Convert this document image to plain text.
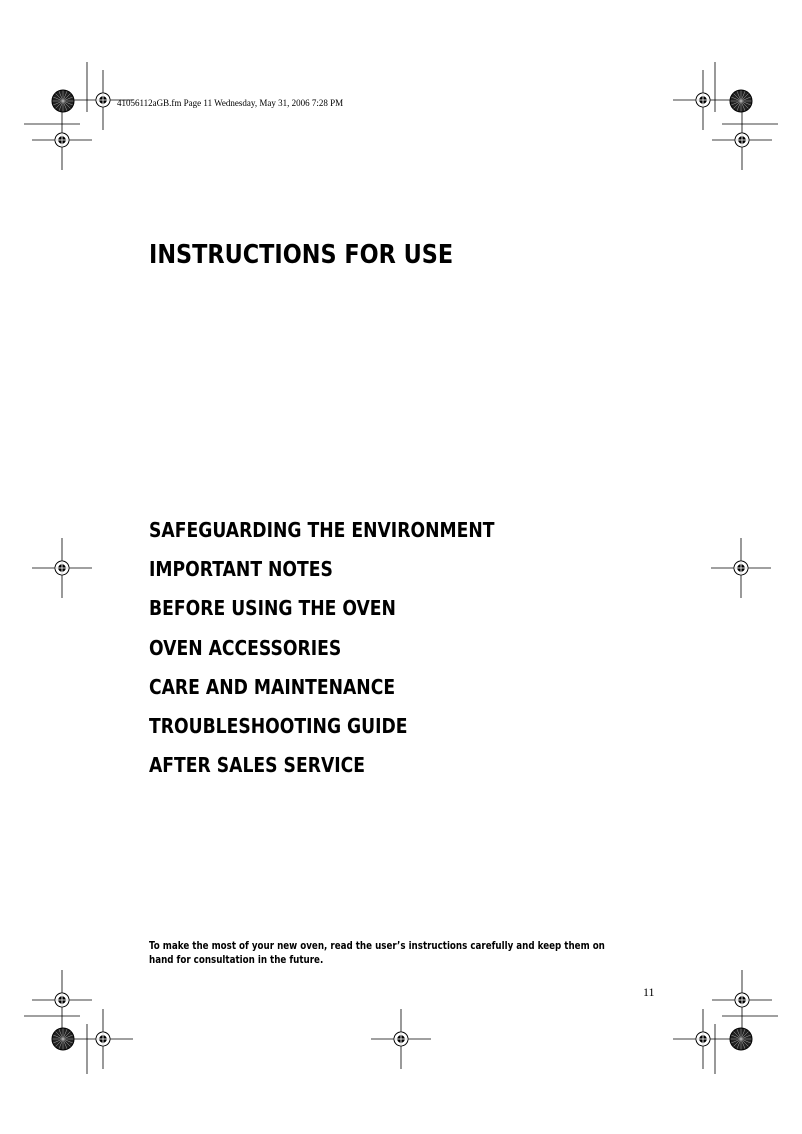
41056112aGB.fm Page 11 Wednesday, May 31, 2006 7:28 PM
INSTRUCTIONS FOR USE
SAFEGUARDING THE ENVIRONMENT
IMPORTANT NOTES
BEFORE USING THE OVEN
OVEN ACCESSORIES
CARE AND MAINTENANCE
TROUBLESHOOTING GUIDE
AFTER SALES SERVICE

To make the most of your new oven, read the user’s instructions carefully and keep them on hand for consultation in the future.

11
